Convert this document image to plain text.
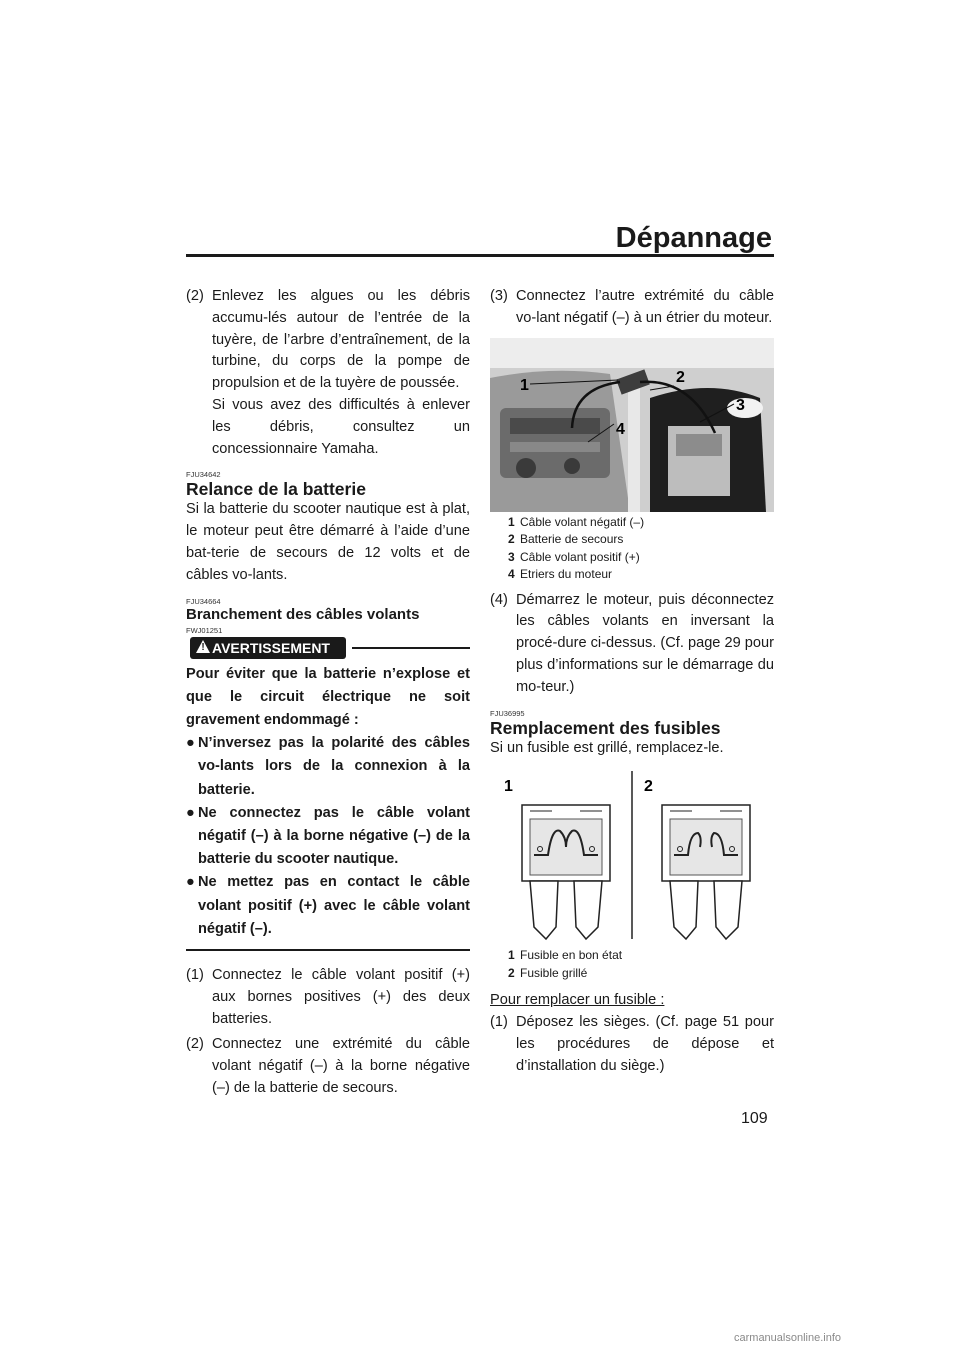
Dépannage
(2) Enlevez les algues ou les débris accumu-lés autour de l’entrée de la tuyère, de l’arbre d’entraînement, de la turbine, du corps de la pompe de propulsion et de la tuyère de poussée.

Si vous avez des difficultés à enlever les débris, consultez un concessionnaire Yamaha.

FJU34642
Relance de la batterie

Si la batterie du scooter nautique est à plat, le moteur peut être démarré à l’aide d’une bat-terie de secours de 12 volts et de câbles vo-lants.

FJU34664
Branchement des câbles volants
FWJ01251
! AVERTISSEMENT

Pour éviter que la batterie n’explose et que le circuit électrique ne soit gravement endommagé :

● N’inversez pas la polarité des câbles vo-lants lors de la connexion à la batterie.
● Ne connectez pas le câble volant négatif (–) à la borne négative (–) de la batterie du scooter nautique.
● Ne mettez pas en contact le câble volant positif (+) avec le câble volant négatif (–).
(1) Connectez le câble volant positif (+) aux bornes positives (+) des deux batteries.
(2) Connectez une extrémité du câble volant négatif (–) à la borne négative (–) de la batterie de secours.
(3) Connectez l’autre extrémité du câble vo-lant négatif (–) à un étrier du moteur.
1	2
3
4
1 Câble volant négatif (–)
2 Batterie de secours
3 Câble volant positif (+)
4 Etriers du moteur
(4) Démarrez le moteur, puis déconnectez les câbles volants en inversant la procé-dure ci-dessus. (Cf. page 29 pour plus d’informations sur le démarrage du mo-teur.)
FJU36995
Remplacement des fusibles

Si un fusible est grillé, remplacez-le.

1	2
1 Fusible en bon état
2 Fusible grillé

Pour remplacer un fusible :

(1) Déposez les sièges. (Cf. page 51 pour les procédures de dépose et d’installation du siège.)
109
carmanualsonline.info
